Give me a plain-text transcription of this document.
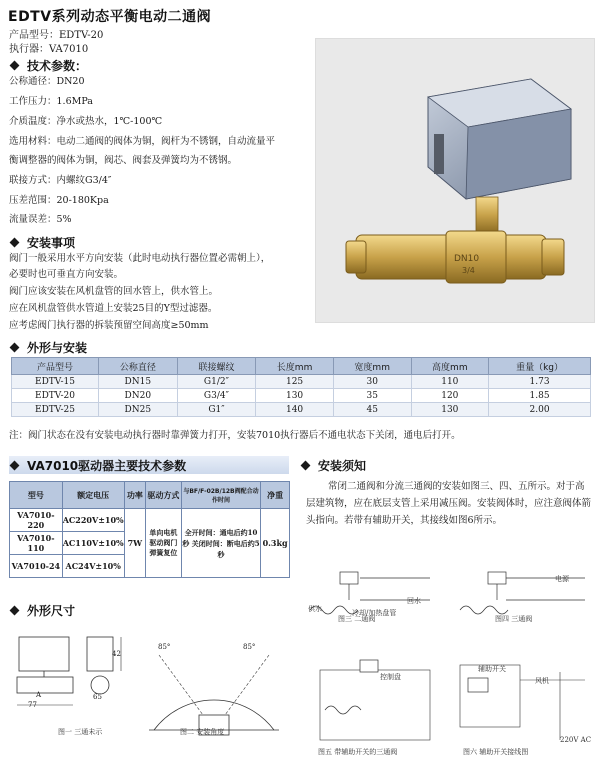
EDTV系列动态平衡电动二通阀
产品型号：EDTV-20
执行器：VA7010
技术参数：
公称通径：DN20
工作压力：1.6MPa
介质温度：净水或热水，1℃-100℃
选用材料：电动二通阀的阀体为铜，阀杆为不锈钢，自动流量平
衡调整器的阀体为铜，阀芯、阀套及弹簧均为不锈钢。
联接方式：内螺纹G3/4″
压差范围：20-180Kpa
流量误差：5%
DN10
3/4
安装事项
阀门一般采用水平方向安装（此时电动执行器位置必需朝上），
必要时也可垂直方向安装。
阀门应该安装在风机盘管的回水管上，供水管上。
应在风机盘管供水管道上安装25目的Y型过滤器。
应考虑阀门执行器的拆装预留空间高度≥50mm
外形与安装
产品型号	公称直径	联接螺纹	长度mm	宽度mm	高度mm	重量（kg）
EDTV-15	DN15	G1/2″	125	30	110	1.73
EDTV-20	DN20	G3/4″	130	35	120	1.85
EDTV-25	DN25	G1″	140	45	130	2.00
注：阀门状态在没有安装电动执行器时靠弹簧力打开，安装7010执行器后不通电状态下关闭，通电后打开。
VA7010驱动器主要技术参数
型号	额定电压	功率	驱动方式	与BF/F-02B/12B阀配合动作时间	净重
VA7010-220	AC220V±10%	7W	单向电机驱动阀门弹簧复位	全开时间：通电后约10秒 关闭时间：断电后约5秒	0.3kg
VA7010-110	AC110V±10%				
VA7010-24	AC24V±10%				
安装须知
常闭二通阀和分流三通阀的安装如图三、四、五所示。对于高层建筑物，应在底层支管上采用减压阀。安装阀体时，应注意阀体箭头指向。若带有辅助开关，其接线如图6所示。
外形尺寸
A
77
65
42
85°	85°
图一 三通未示	图二 安装角度
图三 二通阀	图四 三通阀
图五 带辅助开关的三通阀	图六 辅助开关接线图
电源
供水
回水
冷却/加热盘管
控制盘
辅助开关
风机
220V AC
